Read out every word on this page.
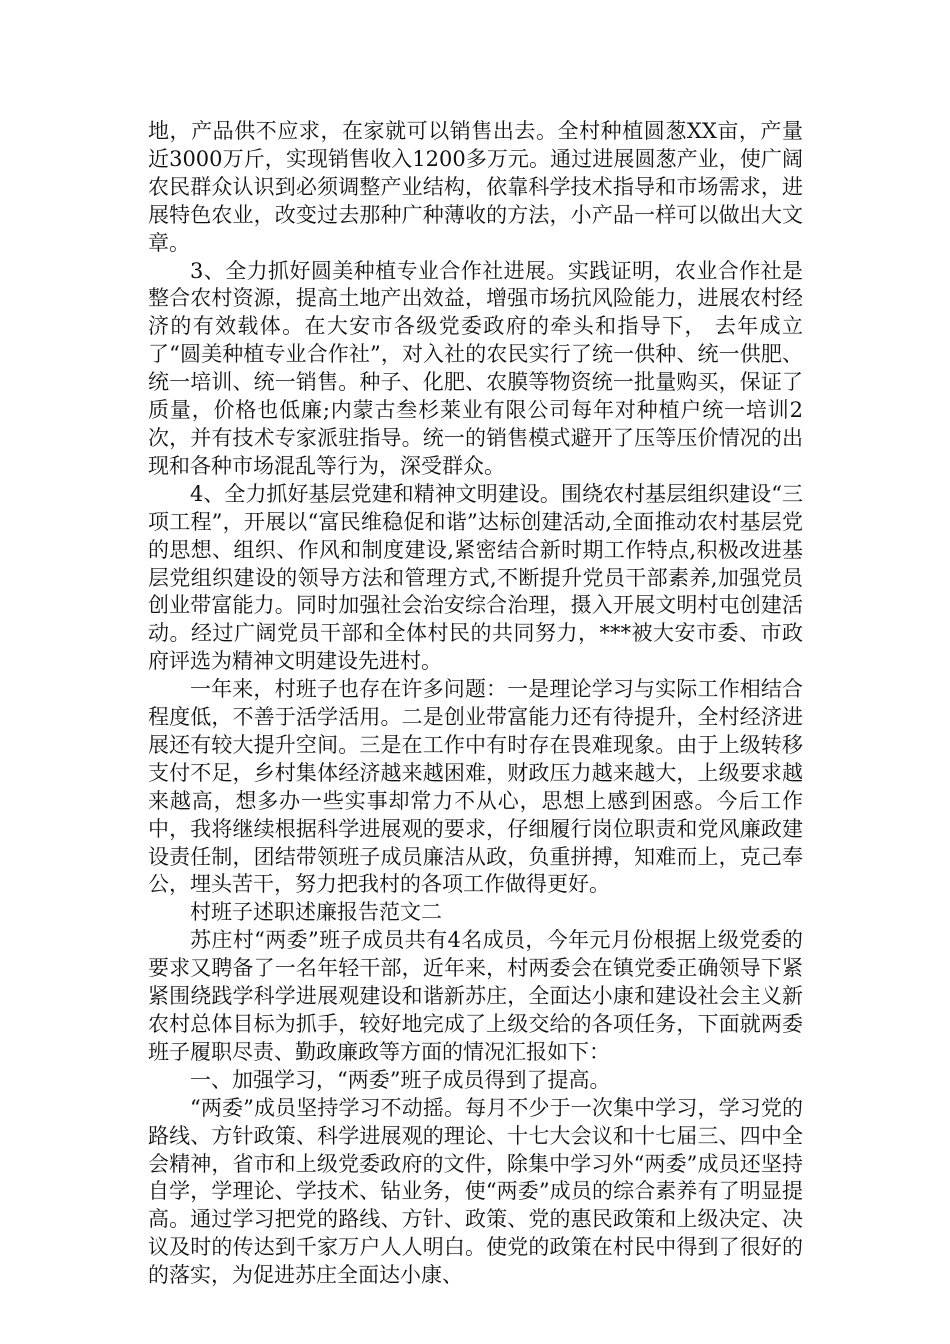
地，产品供不应求，在家就可以销售出去。全村种植圆葱XX亩，产量近3000万斤，实现销售收入1200多万元。通过进展圆葱产业，使广阔农民群众认识到必须调整产业结构，依靠科学技术指导和市场需求，进展特色农业，改变过去那种广种薄收的方法，小产品一样可以做出大文章。

3、全力抓好圆美种植专业合作社进展。实践证明，农业合作社是整合农村资源，提高土地产出效益，增强市场抗风险能力，进展农村经济的有效载体。在大安市各级党委政府的牵头和指导下， 去年成立了“圆美种植专业合作社”，对入社的农民实行了统一供种、统一供肥、统一培训、统一销售。种子、化肥、农膜等物资统一批量购买，保证了质量，价格也低廉;内蒙古叁杉莱业有限公司每年对种植户统一培训2次，并有技术专家派驻指导。统一的销售模式避开了压等压价情况的出现和各种市场混乱等行为，深受群众。

4、全力抓好基层党建和精神文明建设。围绕农村基层组织建设“三项工程”，开展以“富民维稳促和谐”达标创建活动,全面推动农村基层党的思想、组织、作风和制度建设,紧密结合新时期工作特点,积极改进基层党组织建设的领导方法和管理方式,不断提升党员干部素养,加强党员创业带富能力。同时加强社会治安综合治理，摄入开展文明村屯创建活动。经过广阔党员干部和全体村民的共同努力，***被大安市委、市政府评选为精神文明建设先进村。

一年来，村班子也存在许多问题：一是理论学习与实际工作相结合程度低，不善于活学活用。二是创业带富能力还有待提升，全村经济进展还有较大提升空间。三是在工作中有时存在畏难现象。由于上级转移支付不足，乡村集体经济越来越困难，财政压力越来越大，上级要求越来越高，想多办一些实事却常力不从心，思想上感到困惑。今后工作中，我将继续根据科学进展观的要求，仔细履行岗位职责和党风廉政建设责任制，团结带领班子成员廉洁从政，负重拼搏，知难而上，克己奉公，埋头苦干，努力把我村的各项工作做得更好。

村班子述职述廉报告范文二

苏庄村“两委”班子成员共有4名成员，今年元月份根据上级党委的要求又聘备了一名年轻干部，近年来，村两委会在镇党委正确领导下紧紧围绕践学科学进展观建设和谐新苏庄，全面达小康和建设社会主义新农村总体目标为抓手，较好地完成了上级交给的各项任务，下面就两委班子履职尽责、勤政廉政等方面的情况汇报如下：

一、加强学习，“两委”班子成员得到了提高。

“两委”成员坚持学习不动摇。每月不少于一次集中学习，学习党的路线、方针政策、科学进展观的理论、十七大会议和十七届三、四中全会精神，省市和上级党委政府的文件，除集中学习外“两委”成员还坚持自学，学理论、学技术、钻业务，使“两委”成员的综合素养有了明显提高。通过学习把党的路线、方针、政策、党的惠民政策和上级决定、决议及时的传达到千家万户人人明白。使党的政策在村民中得到了很好的的落实，为促进苏庄全面达小康、
